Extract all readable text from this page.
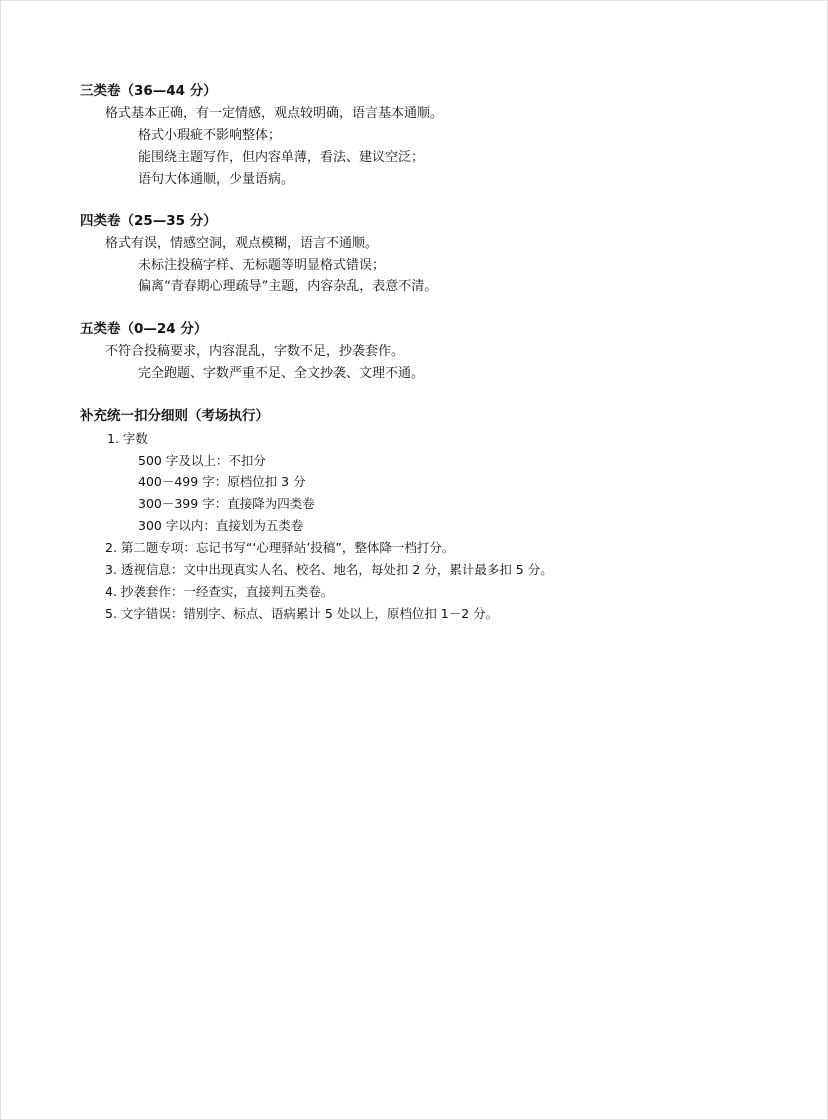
三类卷（36—44 分）
格式基本正确，有一定情感，观点较明确，语言基本通顺。
格式小瑕疵不影响整体；
能围绕主题写作，但内容单薄，看法、建议空泛；
语句大体通顺，少量语病。
四类卷（25—35 分）
格式有误，情感空洞，观点模糊，语言不通顺。
未标注投稿字样、无标题等明显格式错误；
偏离“青春期心理疏导”主题，内容杂乱，表意不清。
五类卷（0—24 分）
不符合投稿要求，内容混乱，字数不足，抄袭套作。
完全跑题、字数严重不足、全文抄袭、文理不通。
补充统一扣分细则（考场执行）
1. 字数
500 字及以上：不扣分
400－499 字：原档位扣 3 分
300－399 字：直接降为四类卷
300 字以内：直接划为五类卷
2. 第二题专项：忘记书写“‘心理驿站’投稿”，整体降一档打分。
3. 透视信息：文中出现真实人名、校名、地名，每处扣 2 分，累计最多扣 5 分。
4. 抄袭套作：一经查实，直接判五类卷。
5. 文字错误：错别字、标点、语病累计 5 处以上，原档位扣 1－2 分。
